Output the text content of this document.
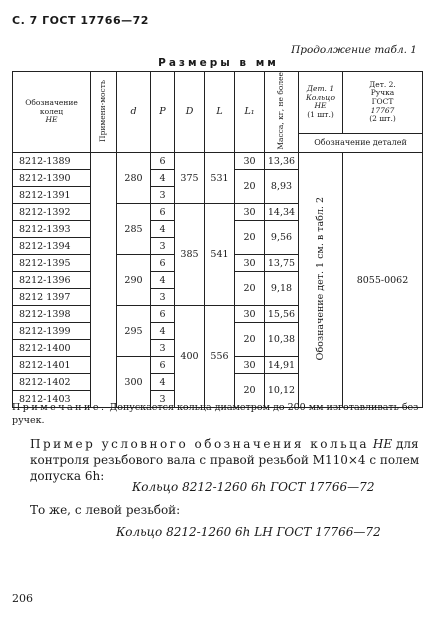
С. 7 ГОСТ 17766—72
Продолжение табл. 1
Размеры в мм
Обозначение
колец
НЕ	Примени-мость	d	P	D	L	L₁	Масса, кг, не более	Дет. 1
Кольцо
НЕ
(1 шт.)	Дет. 2.
Ручка
ГОСТ
17767
(2 шт.)
								Обозначение деталей	
8212-1389		280	6	375	531	30	13,36	Обозначение дет. 1 см. в табл. 2	8055-0062
8212-1390			4			20	8,93		
8212-1391			3						
8212-1392		285	6	385	541	30	14,34		
8212-1393			4			20	9,56		
8212-1394			3						
8212-1395		290	6			30	13,75		
8212-1396			4			20	9,18		
8212 1397			3						
8212-1398		295	6	400	556	30	15,56		
8212-1399			4			20	10,38		
8212-1400			3						
8212-1401		300	6			30	14,91		
8212-1402			4			20	10,12		
8212-1403			3						
Примечание. Допускается кольца диаметром до 200 мм изготавливать без ручек.
Пример условного обозначения кольца НЕ для контроля резьбового вала с правой резьбой М110×4 с полем допуска 6h:
Кольцо 8212-1260 6h ГОСТ 17766—72
То же, с левой резьбой:
Кольцо 8212-1260 6h LH ГОСТ 17766—72
206
